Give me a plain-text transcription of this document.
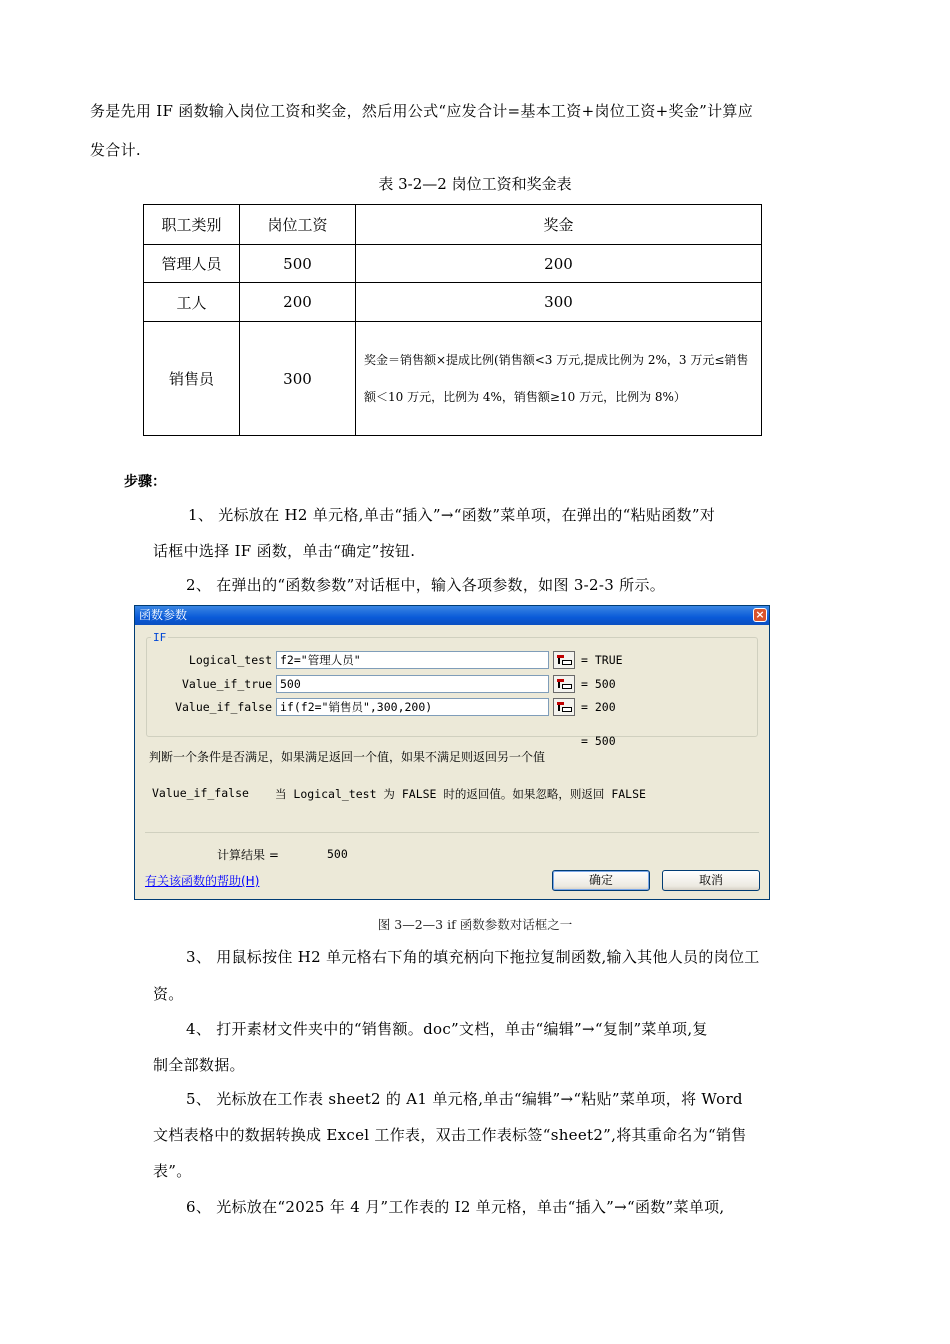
务是先用 IF 函数输入岗位工资和奖金，然后用公式“应发合计=基本工资+岗位工资+奖金”计算应
发合计.
表 3-2—2 岗位工资和奖金表
职工类别	岗位工资	奖金
管理人员	500	200
工人	200	300
销售员	300	奖金＝销售额×提成比例(销售额<3 万元,提成比例为 2%，3 万元≤销售额＜10 万元，比例为 4%，销售额≥10 万元，比例为 8%）
步骤：
1、 光标放在 H2 单元格,单击“插入”→“函数”菜单项，在弹出的“粘贴函数”对
话框中选择 IF 函数，单击“确定”按钮.
2、 在弹出的“函数参数”对话框中，输入各项参数，如图 3-2-3 所示。
函数参数	×
IF
Logical_test f2="管理人员"	= TRUE
Value_if_true 500	= 500
Value_if_false if(f2="销售员",300,200)	= 200
= 500
判断一个条件是否满足，如果满足返回一个值，如果不满足则返回另一个值
Value_if_false 当 Logical_test 为 FALSE 时的返回值。如果忽略，则返回 FALSE
计算结果 =	500
有关该函数的帮助(H)	确定	取消
图 3—2—3 if 函数参数对话框之一
3、 用鼠标按住 H2 单元格右下角的填充柄向下拖拉复制函数,输入其他人员的岗位工
资。
4、 打开素材文件夹中的“销售额。doc”文档，单击“编辑”→“复制”菜单项,复
制全部数据。
5、 光标放在工作表 sheet2 的 A1 单元格,单击“编辑”→“粘贴”菜单项，将 Word
文档表格中的数据转换成 Excel 工作表，双击工作表标签“sheet2”,将其重命名为“销售
表”。
6、 光标放在“2025 年 4 月”工作表的 I2 单元格，单击“插入”→“函数”菜单项,
